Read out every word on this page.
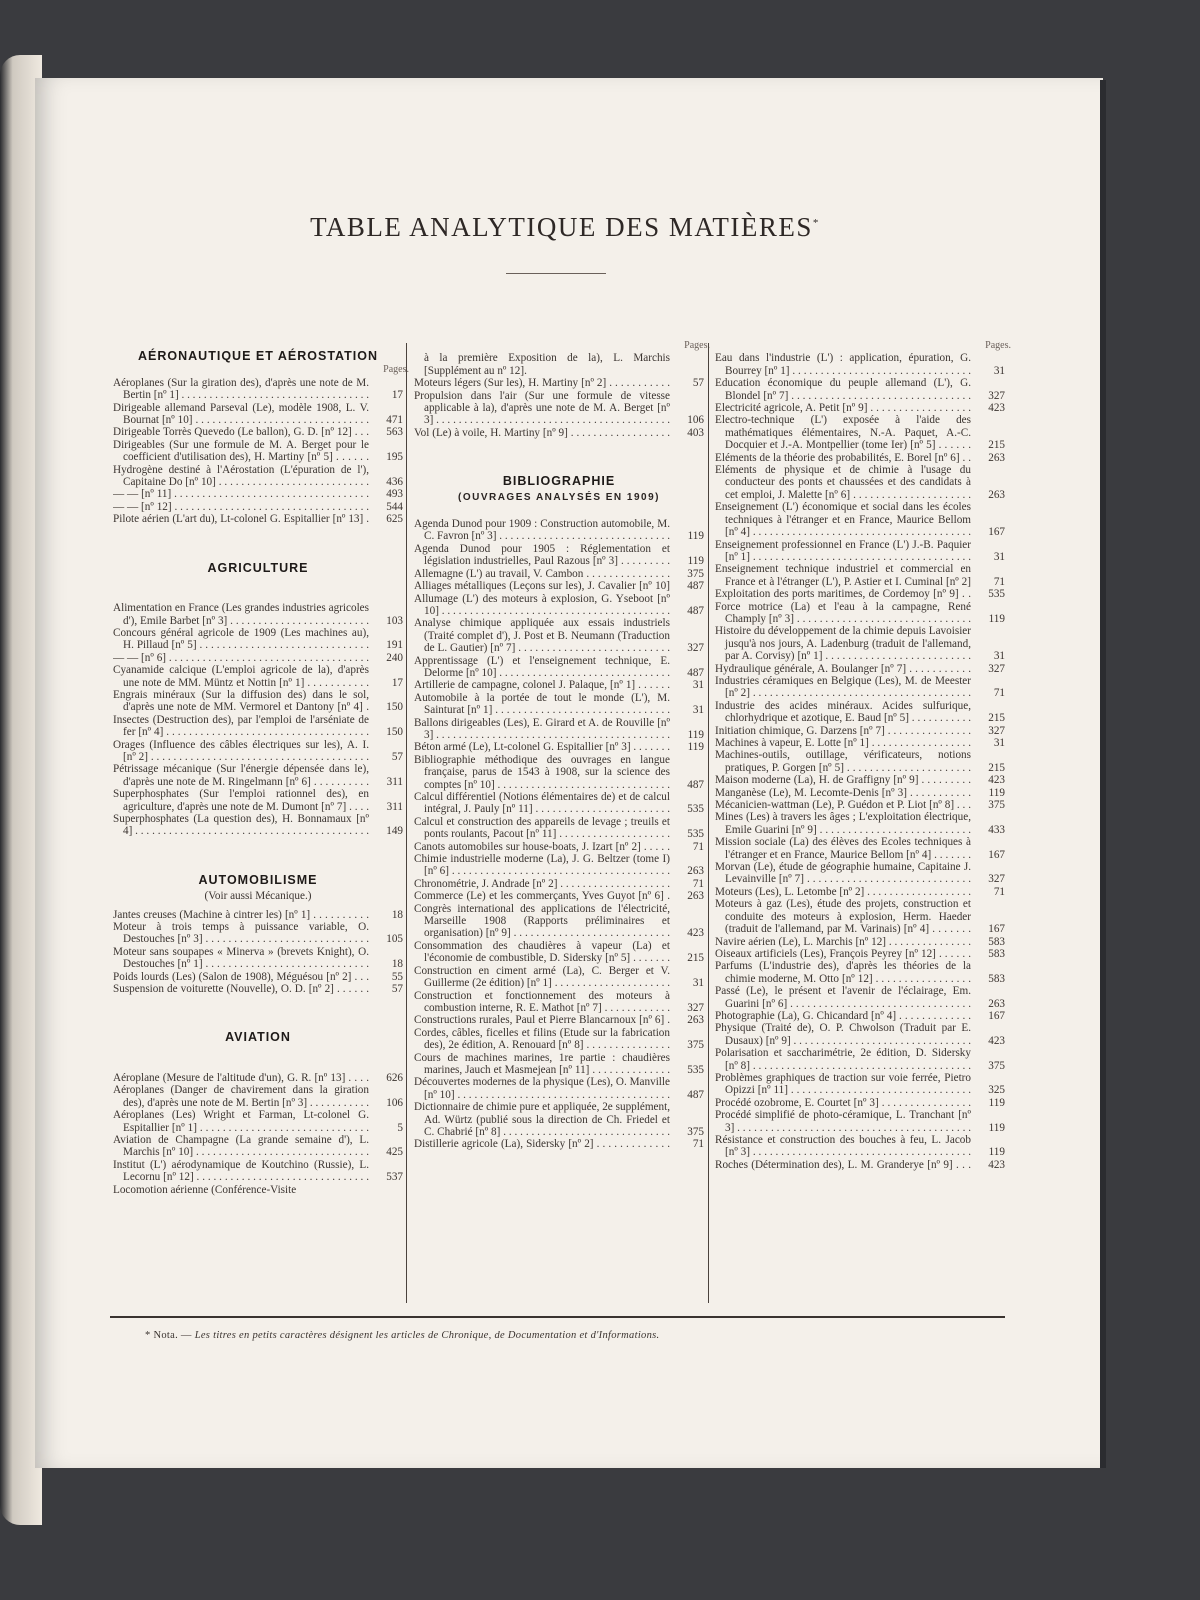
TABLE ANALYTIQUE DES MATIÈRES*
AÉRONAUTIQUE ET AÉROSTATION
Pages.
Aéroplanes (Sur la giration des), d'après une note de M. Bertin [nº 1] . . .	17
Dirigeable allemand Parseval (Le), modèle 1908, L. V. Bournat [nº 10] . . .	471
Dirigeable Torrès Quevedo (Le ballon), G. D. [nº 12] . . .	563
Dirigeables (Sur une formule de M. A. Berget pour le coefficient d'utilisation des), H. Martiny [nº 5] . . .	195
Hydrogène destiné à l'Aérostation (L'épuration de l'), Capitaine Do [nº 10] . . .	436
— — [nº 11] . . .	493
— — [nº 12] . . .	544
Pilote aérien (L'art du), Lt-colonel G. Espitallier [nº 13] . . .	625
AGRICULTURE
Alimentation en France (Les grandes industries agricoles d'), Emile Barbet [nº 3] . . .	103
Concours général agricole de 1909 (Les machines au), H. Pillaud [nº 5] . . .	191
— — [nº 6] . . .	240
Cyanamide calcique (L'emploi agricole de la), d'après une note de MM. Müntz et Nottin [nº 1] . . .	17
Engrais minéraux (Sur la diffusion des) dans le sol, d'après une note de MM. Vermorel et Dantony [nº 4] . . .	150
Insectes (Destruction des), par l'emploi de l'arséniate de fer [nº 4] . . .	150
Orages (Influence des câbles électriques sur les), A. I. [nº 2] . . .	57
Pétrissage mécanique (Sur l'énergie dépensée dans le), d'après une note de M. Ringelmann [nº 6] . . .	311
Superphosphates (Sur l'emploi rationnel des), en agriculture, d'après une note de M. Dumont [nº 7] . . .	311
Superphosphates (La question des), H. Bonnamaux [nº 4] . . .	149
AUTOMOBILISME
(Voir aussi Mécanique.)
Jantes creuses (Machine à cintrer les) [nº 1] . . .	18
Moteur à trois temps à puissance variable, O. Destouches [nº 3] . . .	105
Moteur sans soupapes « Minerva » (brevets Knight), O. Destouches [nº 1] . . .	18
Poids lourds (Les) (Salon de 1908), Méguésou [nº 2] . . .	55
Suspension de voiturette (Nouvelle), O. D. [nº 2] . . .	57
AVIATION
Aéroplane (Mesure de l'altitude d'un), G. R. [nº 13] . . .	626
Aéroplanes (Danger de chavirement dans la giration des), d'après une note de M. Bertin [nº 3] . . .	106
Aéroplanes (Les) Wright et Farman, Lt-colonel G. Espitallier [nº 1] . . .	5
Aviation de Champagne (La grande semaine d'), L. Marchis [nº 10] . . .	425
Institut (L') aérodynamique de Koutchino (Russie), L. Lecornu [nº 12] . . .	537
Locomotion aérienne (Conférence-Visite
Pages.
à la première Exposition de la), L. Marchis [Supplément au nº 12].
Moteurs légers (Sur les), H. Martiny [nº 2] . . .	57
Propulsion dans l'air (Sur une formule de vitesse applicable à la), d'après une note de M. A. Berget [nº 3] . . .	106
Vol (Le) à voile, H. Martiny [nº 9] . . .	403
BIBLIOGRAPHIE
(OUVRAGES ANALYSÉS EN 1909)
Agenda Dunod pour 1909 : Construction automobile, M. C. Favron [nº 3] . . .	119
Agenda Dunod pour 1905 : Réglementation et législation industrielles, Paul Razous [nº 3] . . .	119
Allemagne (L') au travail, V. Cambon . . .	375
Alliages métalliques (Leçons sur les), J. Cavalier [nº 10] . . .	487
Allumage (L') des moteurs à explosion, G. Yseboot [nº 10] . . .	487
Analyse chimique appliquée aux essais industriels (Traité complet d'), J. Post et B. Neumann (Traduction de L. Gautier) [nº 7] . . .	327
Apprentissage (L') et l'enseignement technique, E. Delorme [nº 10] . . .	487
Artillerie de campagne, colonel J. Palaque, [nº 1] . . .	31
Automobile à la portée de tout le monde (L'), M. Sainturat [nº 1] . . .	31
Ballons dirigeables (Les), E. Girard et A. de Rouville [nº 3] . . .	119
Béton armé (Le), Lt-colonel G. Espitallier [nº 3] . . .	119
Bibliographie méthodique des ouvrages en langue française, parus de 1543 à 1908, sur la science des comptes [nº 10] . . .	487
Calcul différentiel (Notions élémentaires de) et de calcul intégral, J. Pauly [nº 11] . . .	535
Calcul et construction des appareils de levage ; treuils et ponts roulants, Pacout [nº 11] . . .	535
Canots automobiles sur house-boats, J. Izart [nº 2] . . .	71
Chimie industrielle moderne (La), J. G. Beltzer (tome I) [nº 6] . . .	263
Chronométrie, J. Andrade [nº 2] . . .	71
Commerce (Le) et les commerçants, Yves Guyot [nº 6] . . .	263
Congrès international des applications de l'électricité, Marseille 1908 (Rapports préliminaires et organisation) [nº 9] . . .	423
Consommation des chaudières à vapeur (La) et l'économie de combustible, D. Sidersky [nº 5] . . .	215
Construction en ciment armé (La), C. Berger et V. Guillerme (2e édition) [nº 1] . . .	31
Construction et fonctionnement des moteurs à combustion interne, R. E. Mathot [nº 7] . . .	327
Constructions rurales, Paul et Pierre Blancarnoux [nº 6] . . .	263
Cordes, câbles, ficelles et filins (Etude sur la fabrication des), 2e édition, A. Renouard [nº 8] . . .	375
Cours de machines marines, 1re partie : chaudières marines, Jauch et Masmejean [nº 11] . . .	535
Découvertes modernes de la physique (Les), O. Manville [nº 10] . . .	487
Dictionnaire de chimie pure et appliquée, 2e supplément, Ad. Würtz (publié sous la direction de Ch. Friedel et C. Chabrié [nº 8] . . .	375
Distillerie agricole (La), Sidersky [nº 2] . . .	71
Pages.
Eau dans l'industrie (L') : application, épuration, G. Bourrey [nº 1] . . .	31
Education économique du peuple allemand (L'), G. Blondel [nº 7] . . .	327
Electricité agricole, A. Petit [nº 9] . . .	423
Electro-technique (L') exposée à l'aide des mathématiques élémentaires, N.-A. Paquet, A.-C. Docquier et J.-A. Montpellier (tome Ier) [nº 5] . . .	215
Eléments de la théorie des probabilités, E. Borel [nº 6] . . .	263
Eléments de physique et de chimie à l'usage du conducteur des ponts et chaussées et des candidats à cet emploi, J. Malette [nº 6] . . .	263
Enseignement (L') économique et social dans les écoles techniques à l'étranger et en France, Maurice Bellom [nº 4] . . .	167
Enseignement professionnel en France (L') J.-B. Paquier [nº 1] . . .	31
Enseignement technique industriel et commercial en France et à l'étranger (L'), P. Astier et I. Cuminal [nº 2] . . .	71
Exploitation des ports maritimes, de Cordemoy [nº 9] . . .	535
Force motrice (La) et l'eau à la campagne, René Champly [nº 3] . . .	119
Histoire du développement de la chimie depuis Lavoisier jusqu'à nos jours, A. Ladenburg (traduit de l'allemand, par A. Corvisy) [nº 1] . . .	31
Hydraulique générale, A. Boulanger [nº 7] . . .	327
Industries céramiques en Belgique (Les), M. de Meester [nº 2] . . .	71
Industrie des acides minéraux. Acides sulfurique, chlorhydrique et azotique, E. Baud [nº 5] . . .	215
Initiation chimique, G. Darzens [nº 7] . . .	327
Machines à vapeur, E. Lotte [nº 1] . . .	31
Machines-outils, outillage, vérificateurs, notions pratiques, P. Gorgen [nº 5] . . .	215
Maison moderne (La), H. de Graffigny [nº 9] . . .	423
Manganèse (Le), M. Lecomte-Denis [nº 3] . . .	119
Mécanicien-wattman (Le), P. Guédon et P. Liot [nº 8] . . .	375
Mines (Les) à travers les âges ; L'exploitation électrique, Emile Guarini [nº 9] . . .	433
Mission sociale (La) des élèves des Ecoles techniques à l'étranger et en France, Maurice Bellom [nº 4] . . .	167
Morvan (Le), étude de géographie humaine, Capitaine J. Levainville [nº 7] . . .	327
Moteurs (Les), L. Letombe [nº 2] . . .	71
Moteurs à gaz (Les), étude des projets, construction et conduite des moteurs à explosion, Herm. Haeder (traduit de l'allemand, par M. Varinais) [nº 4] . . .	167
Navire aérien (Le), L. Marchis [nº 12] . . .	583
Oiseaux artificiels (Les), François Peyrey [nº 12] . . .	583
Parfums (L'industrie des), d'après les théories de la chimie moderne, M. Otto [nº 12] . . .	583
Passé (Le), le présent et l'avenir de l'éclairage, Em. Guarini [nº 6] . . .	263
Photographie (La), G. Chicandard [nº 4] . . .	167
Physique (Traité de), O. P. Chwolson (Traduit par E. Dusaux) [nº 9] . . .	423
Polarisation et saccharimétrie, 2e édition, D. Sidersky [nº 8] . . .	375
Problèmes graphiques de traction sur voie ferrée, Pietro Opizzi [nº 11] . . .	325
Procédé ozobrome, E. Courtet [nº 3] . . .	119
Procédé simplifié de photo-céramique, L. Tranchant [nº 3] . . .	119
Résistance et construction des bouches à feu, L. Jacob [nº 3] . . .	119
Roches (Détermination des), L. M. Granderye [nº 9] . . .	423
* Nota. — Les titres en petits caractères désignent les articles de Chronique, de Documentation et d'Informations.
